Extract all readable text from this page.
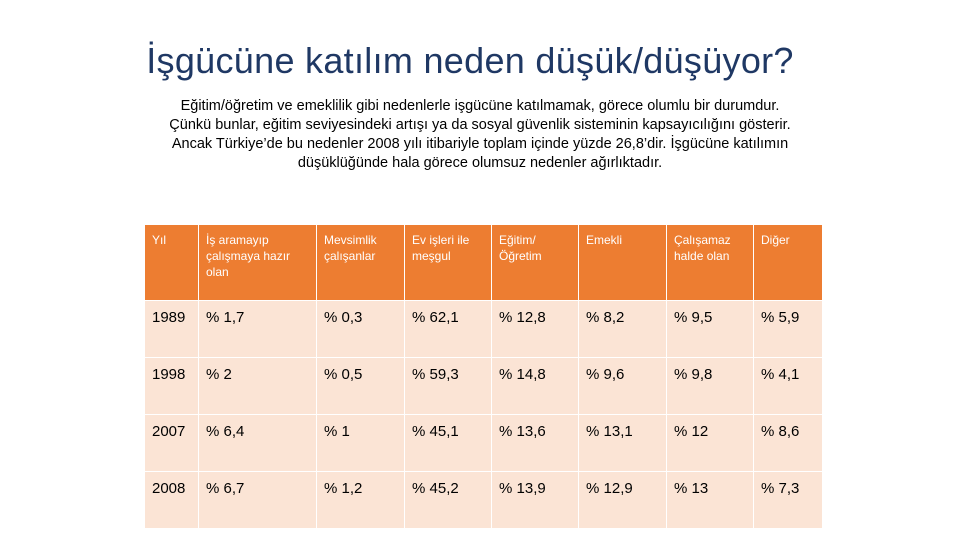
İşgücüne katılım neden düşük/düşüyor?
Eğitim/öğretim ve emeklilik gibi nedenlerle işgücüne katılmamak, görece olumlu bir durumdur.
Çünkü bunlar, eğitim seviyesindeki artışı ya da sosyal güvenlik sisteminin kapsayıcılığını gösterir.
Ancak Türkiye’de bu nedenler 2008 yılı itibariyle toplam içinde yüzde 26,8’dir. İşgücüne katılımın
düşüklüğünde hala görece olumsuz nedenler ağırlıktadır.
Yıl	İş aramayıp çalışmaya hazır olan	Mevsimlik çalışanlar	Ev işleri ile meşgul	Eğitim/ Öğretim	Emekli	Çalışamaz halde olan	Diğer
1989	% 1,7	% 0,3	% 62,1	% 12,8	% 8,2	% 9,5	% 5,9
1998	% 2	% 0,5	% 59,3	% 14,8	% 9,6	% 9,8	% 4,1
2007	% 6,4	% 1	% 45,1	% 13,6	% 13,1	% 12	% 8,6
2008	% 6,7	% 1,2	% 45,2	% 13,9	% 12,9	% 13	% 7,3
